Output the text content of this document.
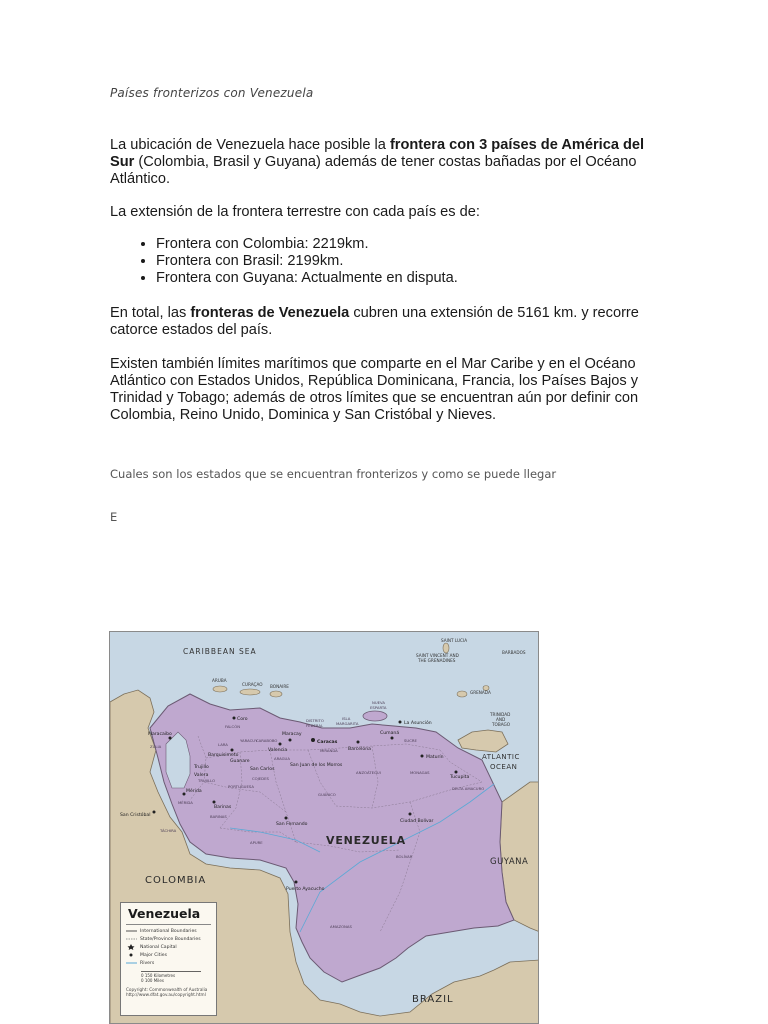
Países fronterizos con Venezuela

La ubicación de Venezuela hace posible la frontera con 3 países de América del Sur (Colombia, Brasil y Guyana) además de tener costas bañadas por el Océano Atlántico.

La extensión de la frontera terrestre con cada país es de:

• Frontera con Colombia: 2219km.
• Frontera con Brasil: 2199km.
• Frontera con Guyana: Actualmente en disputa.

En total, las fronteras de Venezuela cubren una extensión de 5161 km. y recorre catorce estados del país.

Existen también límites marítimos que comparte en el Mar Caribe y en el Océano Atlántico con Estados Unidos, República Dominicana, Francia, los Países Bajos y Trinidad y Tobago; además de otros límites que se encuentran aún por definir con Colombia, Reino Unido, Dominica y San Cristóbal y Nieves.

Cuales son los estados que se encuentran fronterizos y como se puede llegar
E
CARIBBEAN SEA
ATLANTIC
OCEAN
VENEZUELA
COLOMBIA
GUYANA
BRAZIL
SAINT LUCIA
BARBADOS
SAINT VINCENT AND
THE GRENADINES
GRENADA
TRINIDAD
AND
TOBAGO
ARUBA
CURAÇAO BONAIRE
Caracas
Maracaibo
Coro
Barquisimeto
Valencia
Maracay
San Cristóbal
Mérida
Barinas
San Fernando
Barcelona
Cumaná
La Asunción
Maturín
Tucupita
Ciudad Bolívar
Puerto Ayacucho
Guanare
San Carlos
Trujillo
Valera
San Juan de los Morros
FALCÓN
ZULIA	LARA
YARACUY
CARABOBO
ARAGUA
MIRANDA
ANZOÁTEGUI
SUCRE
MONAGAS
DELTA AMACURO
BOLÍVAR
AMAZONAS
APURE
GUÁRICO
COJEDES
PORTUGUESA
BARINAS
TÁCHIRA
MÉRIDA
TRUJILLO
NUEVA
ESPARTA
ISLA
MARGARITA
DISTRITO
FEDERAL
Venezuela
International Boundaries
State/Province Boundaries
National Capital
Major Cities
Rivers
0 150 Kilometres
0 100 Miles
Copyright: Commonwealth of Australia
http://www.dfat.gov.au/copyright.html
